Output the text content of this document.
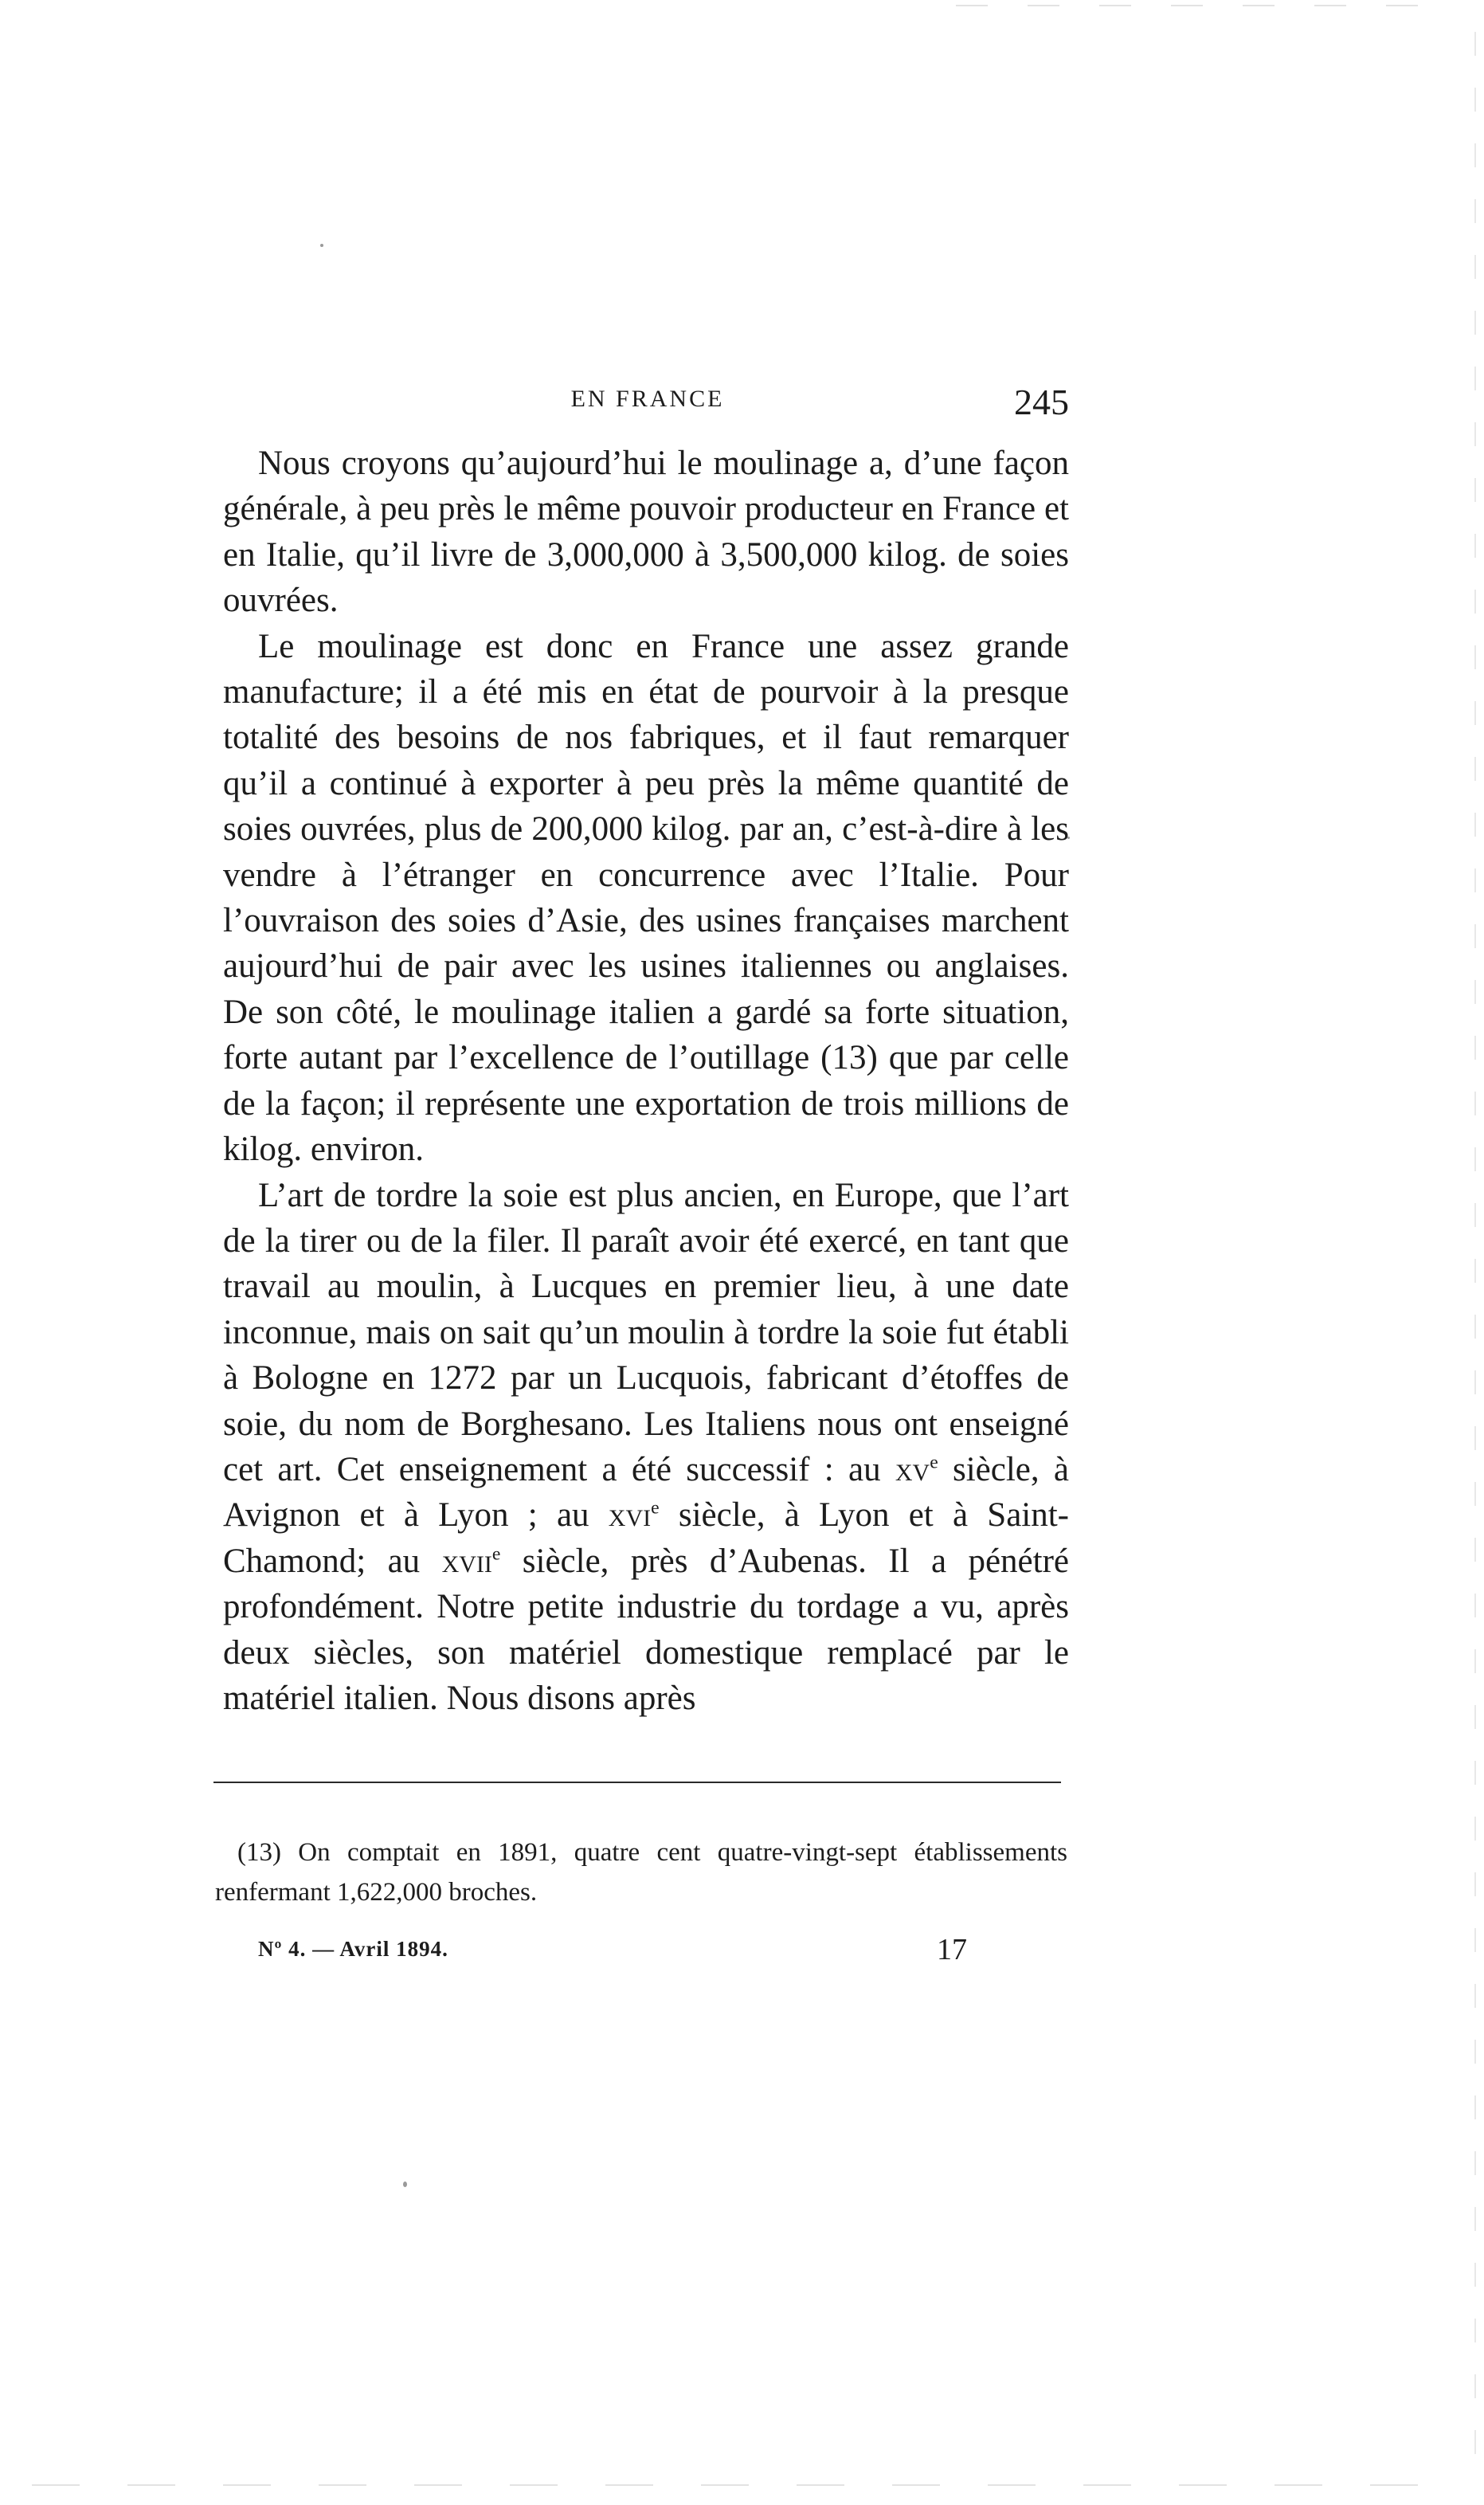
EN FRANCE	245

Nous croyons qu’aujourd’hui le moulinage a, d’une façon générale, à peu près le même pouvoir producteur en France et en Italie, qu’il livre de 3,000,000 à 3,500,000 kilog. de soies ouvrées.

Le moulinage est donc en France une assez grande manufacture; il a été mis en état de pourvoir à la presque totalité des besoins de nos fabriques, et il faut remarquer qu’il a continué à exporter à peu près la même quantité de soies ouvrées, plus de 200,000 kilog. par an, c’est-à-dire à les vendre à l’étranger en concurrence avec l’Italie. Pour l’ouvraison des soies d’Asie, des usines françaises marchent aujourd’hui de pair avec les usines italiennes ou anglaises. De son côté, le moulinage italien a gardé sa forte situation, forte autant par l’excellence de l’outillage (13) que par celle de la façon; il représente une exportation de trois millions de kilog. environ.

L’art de tordre la soie est plus ancien, en Europe, que l’art de la tirer ou de la filer. Il paraît avoir été exercé, en tant que travail au moulin, à Lucques en premier lieu, à une date inconnue, mais on sait qu’un moulin à tordre la soie fut établi à Bologne en 1272 par un Lucquois, fabricant d’étoffes de soie, du nom de Borghesano. Les Italiens nous ont enseigné cet art. Cet enseignement a été successif : au $xv^e$ siècle, à Avignon et à Lyon ; au xvi$^e$ siècle, à Lyon et à Saint-Chamond; au xvii$^e$ siècle, près d’Aubenas. Il a pénétré profondément. Notre petite industrie du tordage a vu, après deux siècles, son matériel domestique remplacé par le matériel italien. Nous disons après

(13) On comptait en 1891, quatre cent quatre-vingt-sept établissements renfermant 1,622,000 broches.
Nº 4. — Avril 1894.	17
